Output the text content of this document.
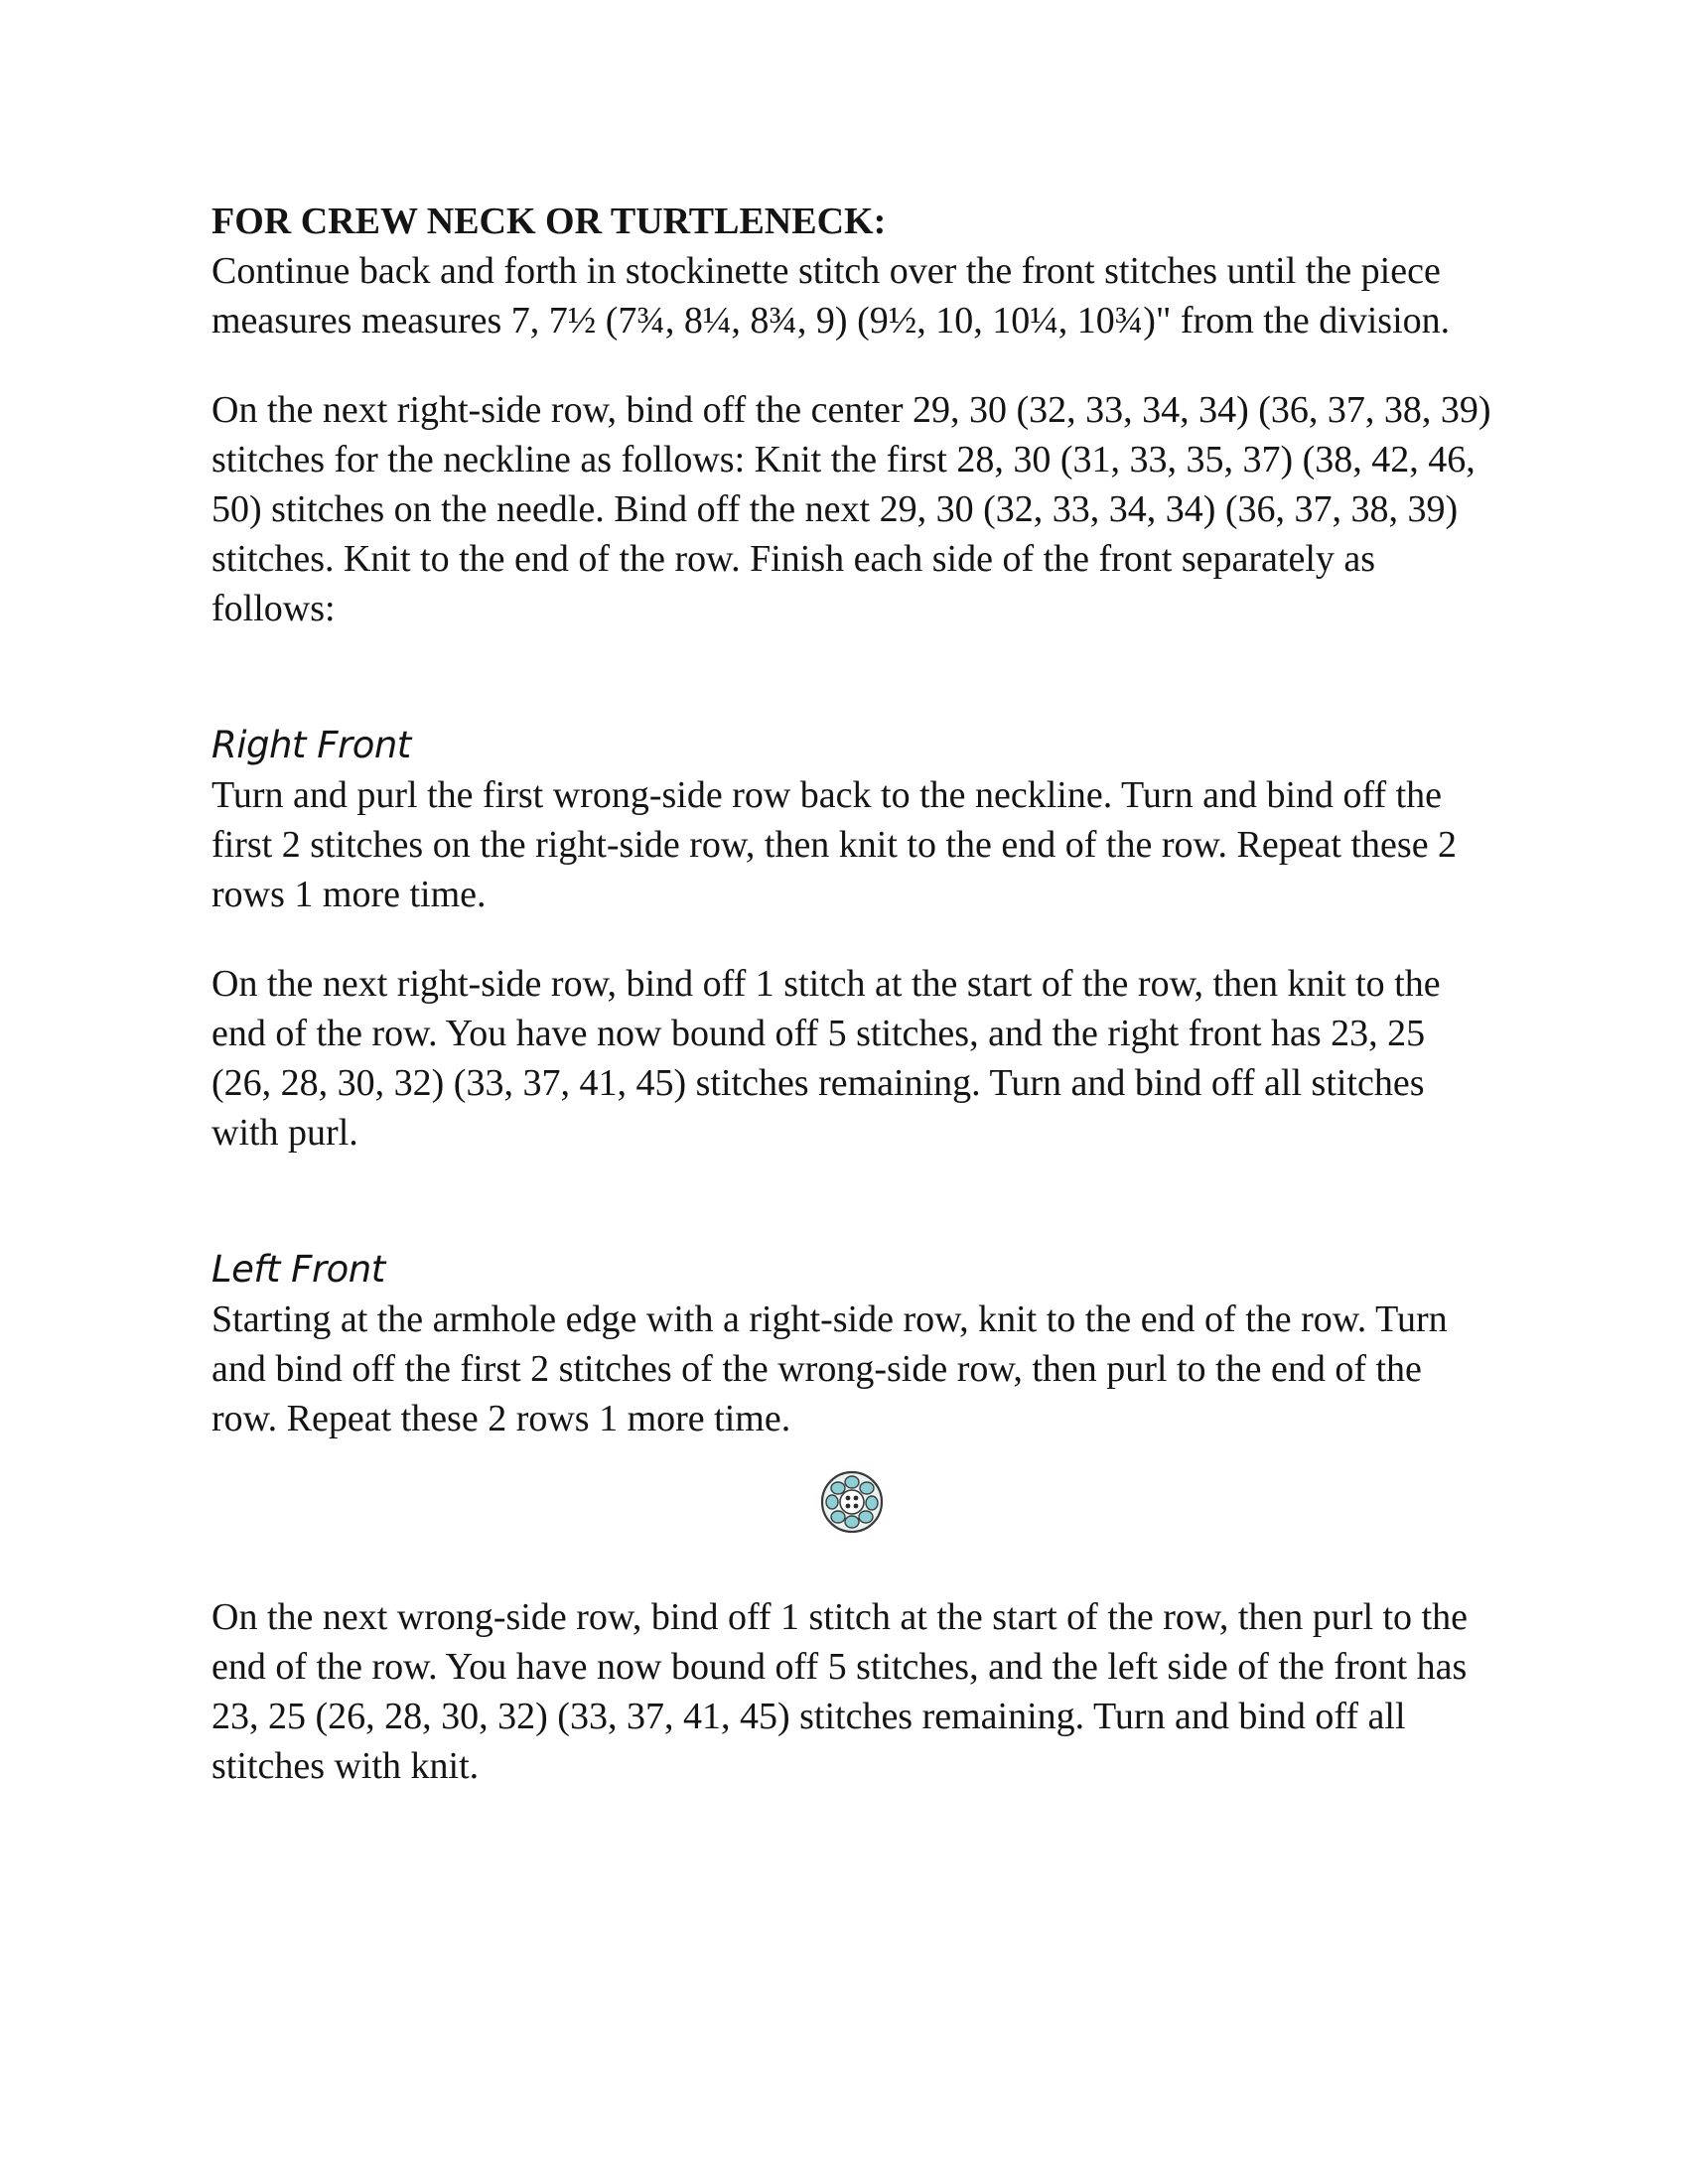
FOR CREW NECK OR TURTLENECK:

Continue back and forth in stockinette stitch over the front stitches until the piece measures measures 7, 7½ (7¾, 8¼, 8¾, 9) (9½, 10, 10¼, 10¾)" from the division.

On the next right-side row, bind off the center 29, 30 (32, 33, 34, 34) (36, 37, 38, 39) stitches for the neckline as follows: Knit the first 28, 30 (31, 33, 35, 37) (38, 42, 46, 50) stitches on the needle. Bind off the next 29, 30 (32, 33, 34, 34) (36, 37, 38, 39) stitches. Knit to the end of the row. Finish each side of the front separately as follows:

Right Front

Turn and purl the first wrong-side row back to the neckline. Turn and bind off the first 2 stitches on the right-side row, then knit to the end of the row. Repeat these 2 rows 1 more time.

On the next right-side row, bind off 1 stitch at the start of the row, then knit to the end of the row. You have now bound off 5 stitches, and the right front has 23, 25 (26, 28, 30, 32) (33, 37, 41, 45) stitches remaining. Turn and bind off all stitches with purl.

Left Front

Starting at the armhole edge with a right-side row, knit to the end of the row. Turn and bind off the first 2 stitches of the wrong-side row, then purl to the end of the row. Repeat these 2 rows 1 more time.

On the next wrong-side row, bind off 1 stitch at the start of the row, then purl to the end of the row. You have now bound off 5 stitches, and the left side of the front has 23, 25 (26, 28, 30, 32) (33, 37, 41, 45) stitches remaining. Turn and bind off all stitches with knit.
